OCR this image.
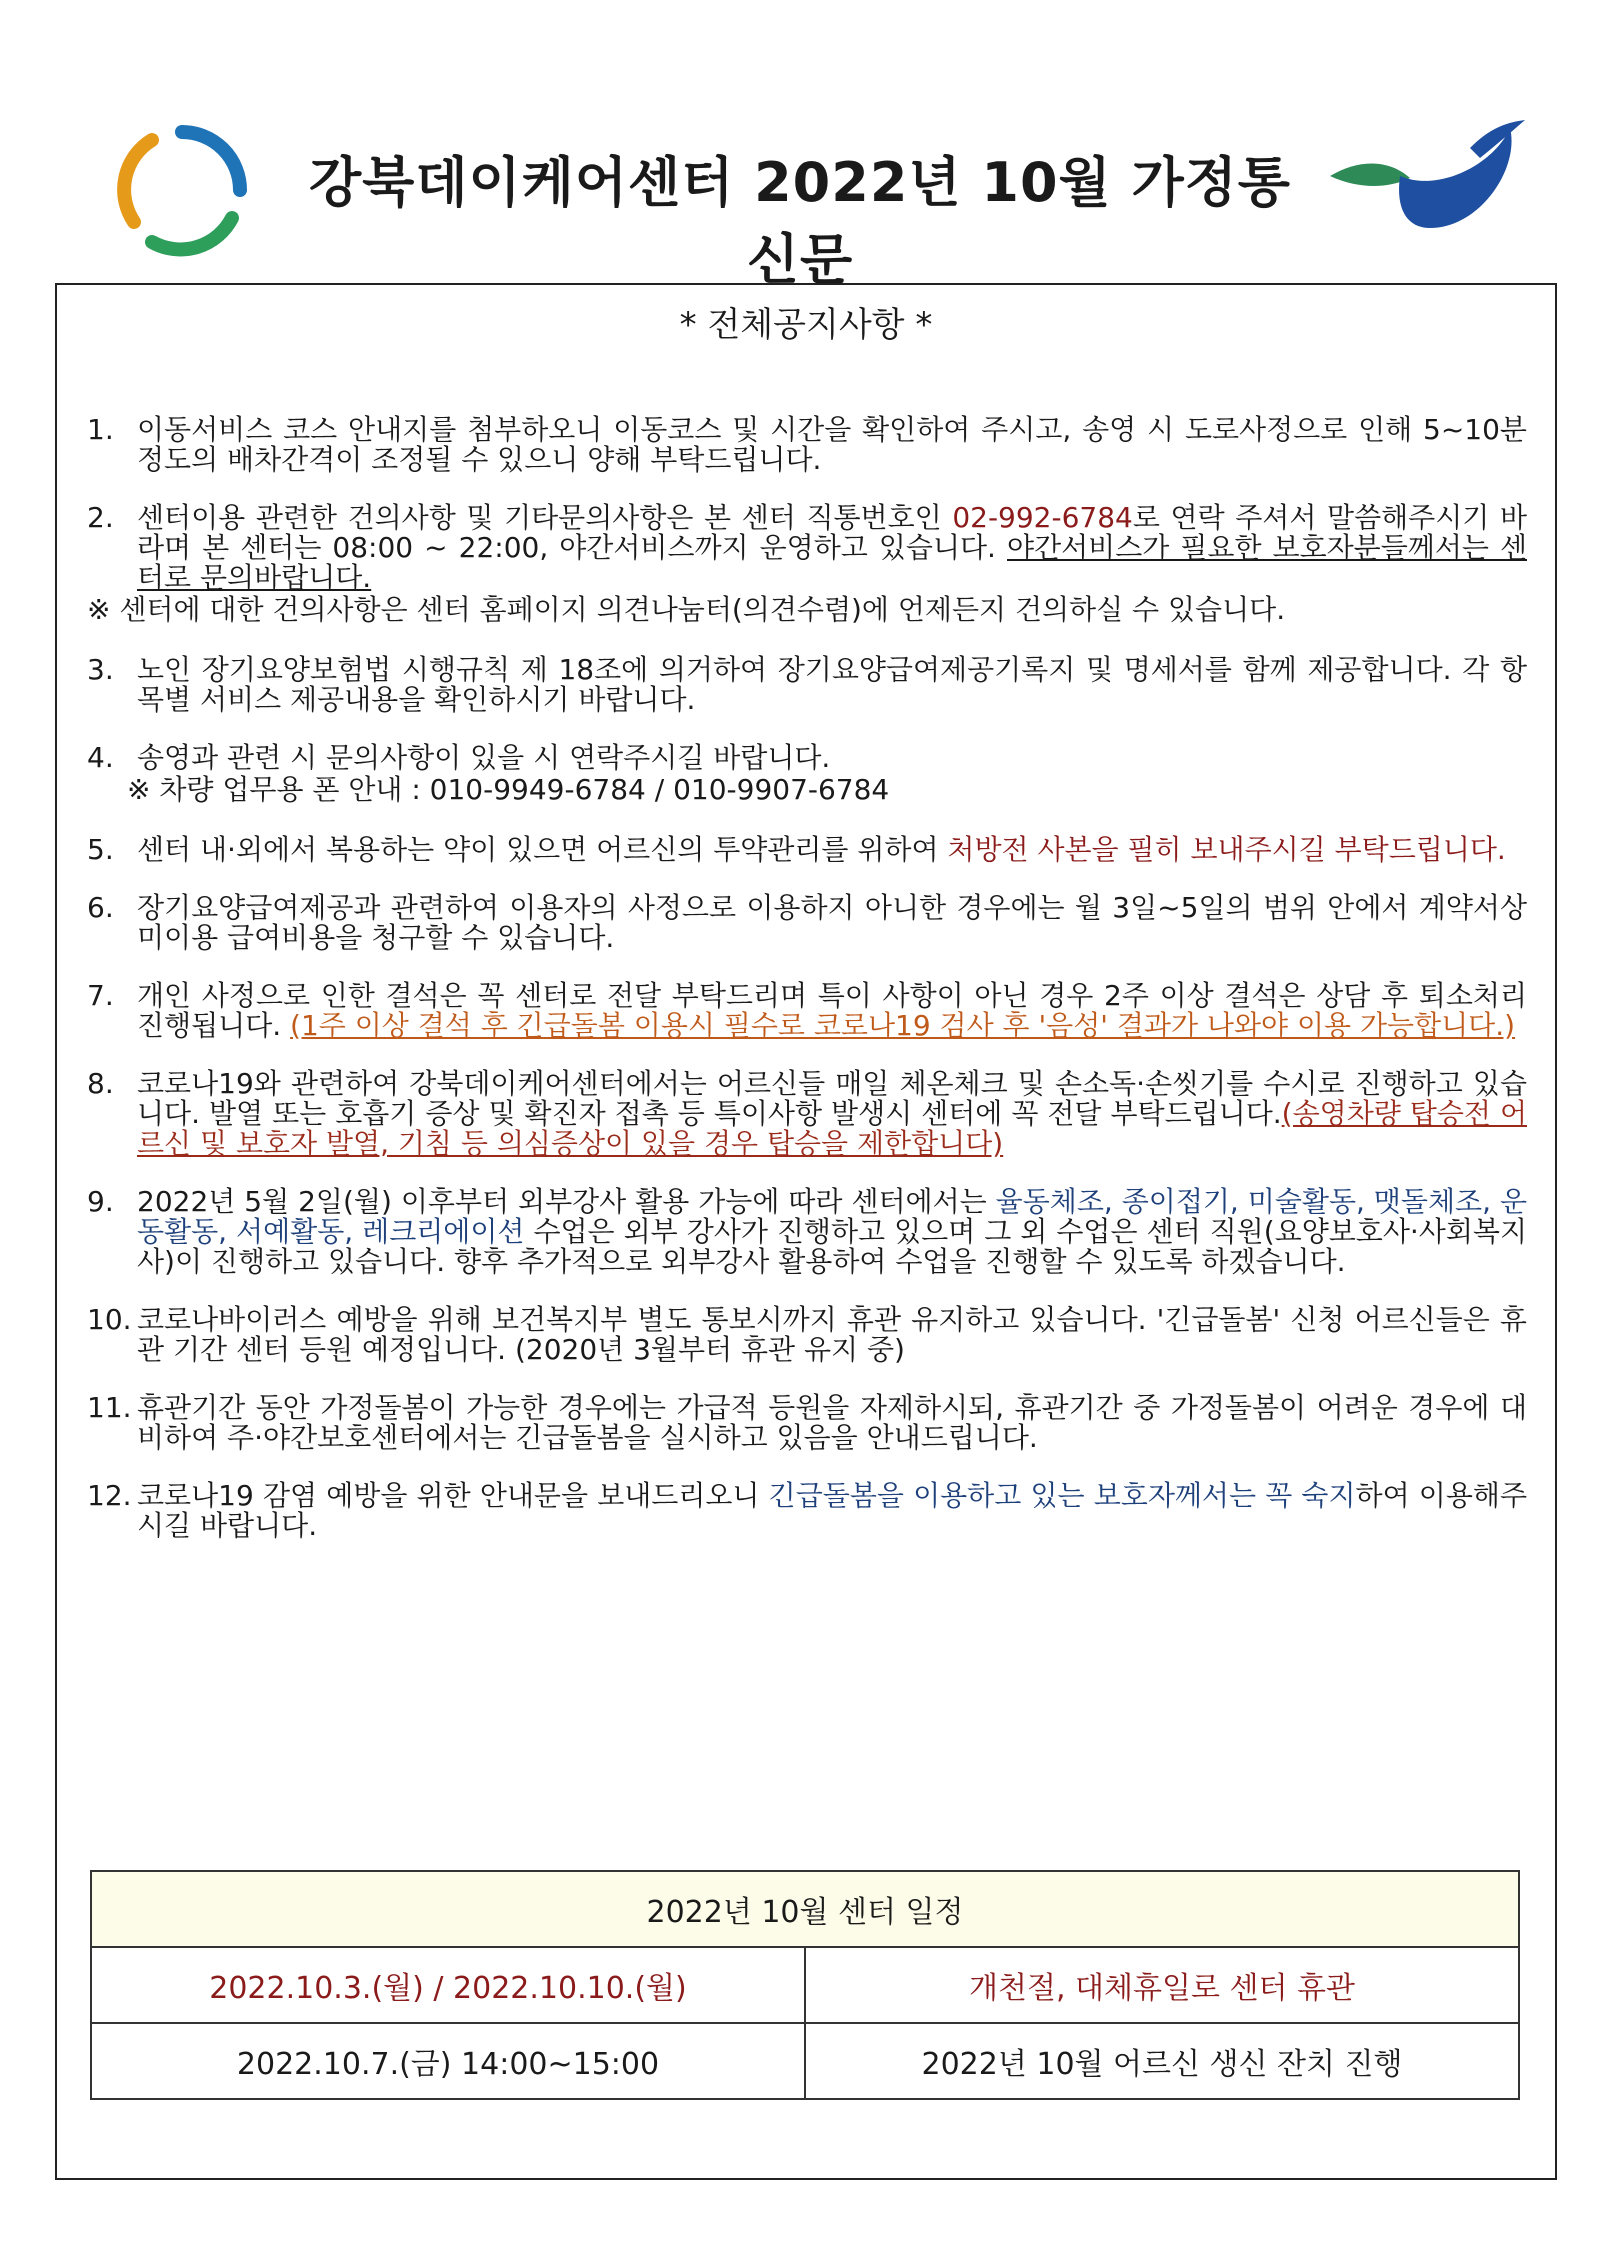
강북데이케어센터 2022년 10월 가정통신문
* 전체공지사항 *

1. 이동서비스 코스 안내지를 첨부하오니 이동코스 및 시간을 확인하여 주시고, 송영 시 도로사정으로 인해 5~10분정도의 배차간격이 조정될 수 있으니 양해 부탁드립니다.

2. 센터이용 관련한 건의사항 및 기타문의사항은 본 센터 직통번호인 02-992-6784로 연락 주셔서 말씀해주시기 바라며 본 센터는 08:00 ~ 22:00, 야간서비스까지 운영하고 있습니다. 야간서비스가 필요한 보호자분들께서는 센터로 문의바랍니다.

※ 센터에 대한 건의사항은 센터 홈페이지 의견나눔터(의견수렴)에 언제든지 건의하실 수 있습니다.

3. 노인 장기요양보험법 시행규칙 제 18조에 의거하여 장기요양급여제공기록지 및 명세서를 함께 제공합니다. 각 항목별 서비스 제공내용을 확인하시기 바랍니다.

4. 송영과 관련 시 문의사항이 있을 시 연락주시길 바랍니다.

※ 차량 업무용 폰 안내 : 010-9949-6784 / 010-9907-6784

5. 센터 내·외에서 복용하는 약이 있으면 어르신의 투약관리를 위하여 처방전 사본을 필히 보내주시길 부탁드립니다.

6. 장기요양급여제공과 관련하여 이용자의 사정으로 이용하지 아니한 경우에는 월 3일~5일의 범위 안에서 계약서상 미이용 급여비용을 청구할 수 있습니다.

7. 개인 사정으로 인한 결석은 꼭 센터로 전달 부탁드리며 특이 사항이 아닌 경우 2주 이상 결석은 상담 후 퇴소처리 진행됩니다. (1주 이상 결석 후 긴급돌봄 이용시 필수로 코로나19 검사 후 '음성' 결과가 나와야 이용 가능합니다.)

8. 코로나19와 관련하여 강북데이케어센터에서는 어르신들 매일 체온체크 및 손소독·손씻기를 수시로 진행하고 있습니다. 발열 또는 호흡기 증상 및 확진자 접촉 등 특이사항 발생시 센터에 꼭 전달 부탁드립니다.(송영차량 탑승전 어르신 및 보호자 발열, 기침 등 의심증상이 있을 경우 탑승을 제한합니다)

9. 2022년 5월 2일(월) 이후부터 외부강사 활용 가능에 따라 센터에서는 율동체조, 종이접기, 미술활동, 맷돌체조, 운동활동, 서예활동, 레크리에이션 수업은 외부 강사가 진행하고 있으며 그 외 수업은 센터 직원(요양보호사·사회복지사)이 진행하고 있습니다. 향후 추가적으로 외부강사 활용하여 수업을 진행할 수 있도록 하겠습니다.

10. 코로나바이러스 예방을 위해 보건복지부 별도 통보시까지 휴관 유지하고 있습니다. '긴급돌봄' 신청 어르신들은 휴관 기간 센터 등원 예정입니다. (2020년 3월부터 휴관 유지 중)

11. 휴관기간 동안 가정돌봄이 가능한 경우에는 가급적 등원을 자제하시되, 휴관기간 중 가정돌봄이 어려운 경우에 대비하여 주·야간보호센터에서는 긴급돌봄을 실시하고 있음을 안내드립니다.

12. 코로나19 감염 예방을 위한 안내문을 보내드리오니 긴급돌봄을 이용하고 있는 보호자께서는 꼭 숙지하여 이용해주시길 바랍니다.

2022년 10월 센터 일정	
2022.10.3.(월) / 2022.10.10.(월)	개천절, 대체휴일로 센터 휴관
2022.10.7.(금) 14:00~15:00	2022년 10월 어르신 생신 잔치 진행
